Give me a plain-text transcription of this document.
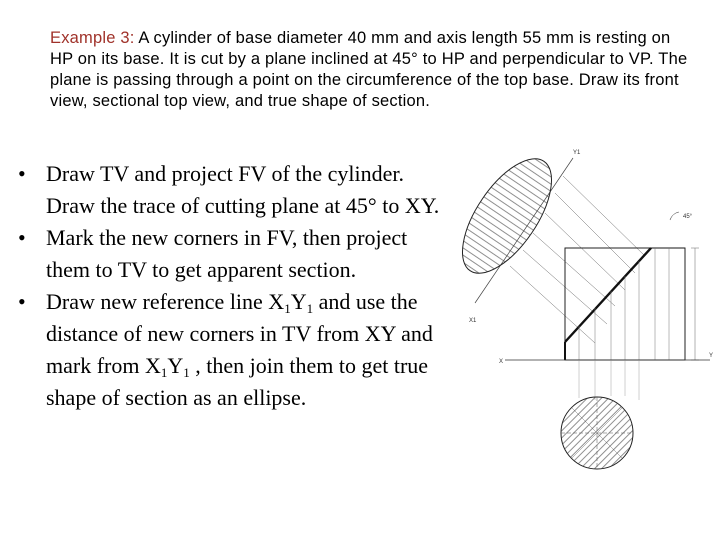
Example 3: A cylinder of base diameter 40 mm and axis length 55 mm is resting on HP on its base. It is cut by a plane inclined at 45° to HP and perpendicular to VP. The plane is passing through a point on the circumference of the top base. Draw its front view, sectional top view, and true shape of section.
• Draw TV and project FV of the cylinder. Draw the trace of cutting plane at 45° to XY.
• Mark the new corners in FV, then project them to TV to get apparent section.
• Draw new reference line $X_1Y_1$ and use the distance of new corners in TV from XY and mark from $X_1Y_1$ , then join them to get true shape of section as an ellipse.
X1
Y1
45°
X
Y
